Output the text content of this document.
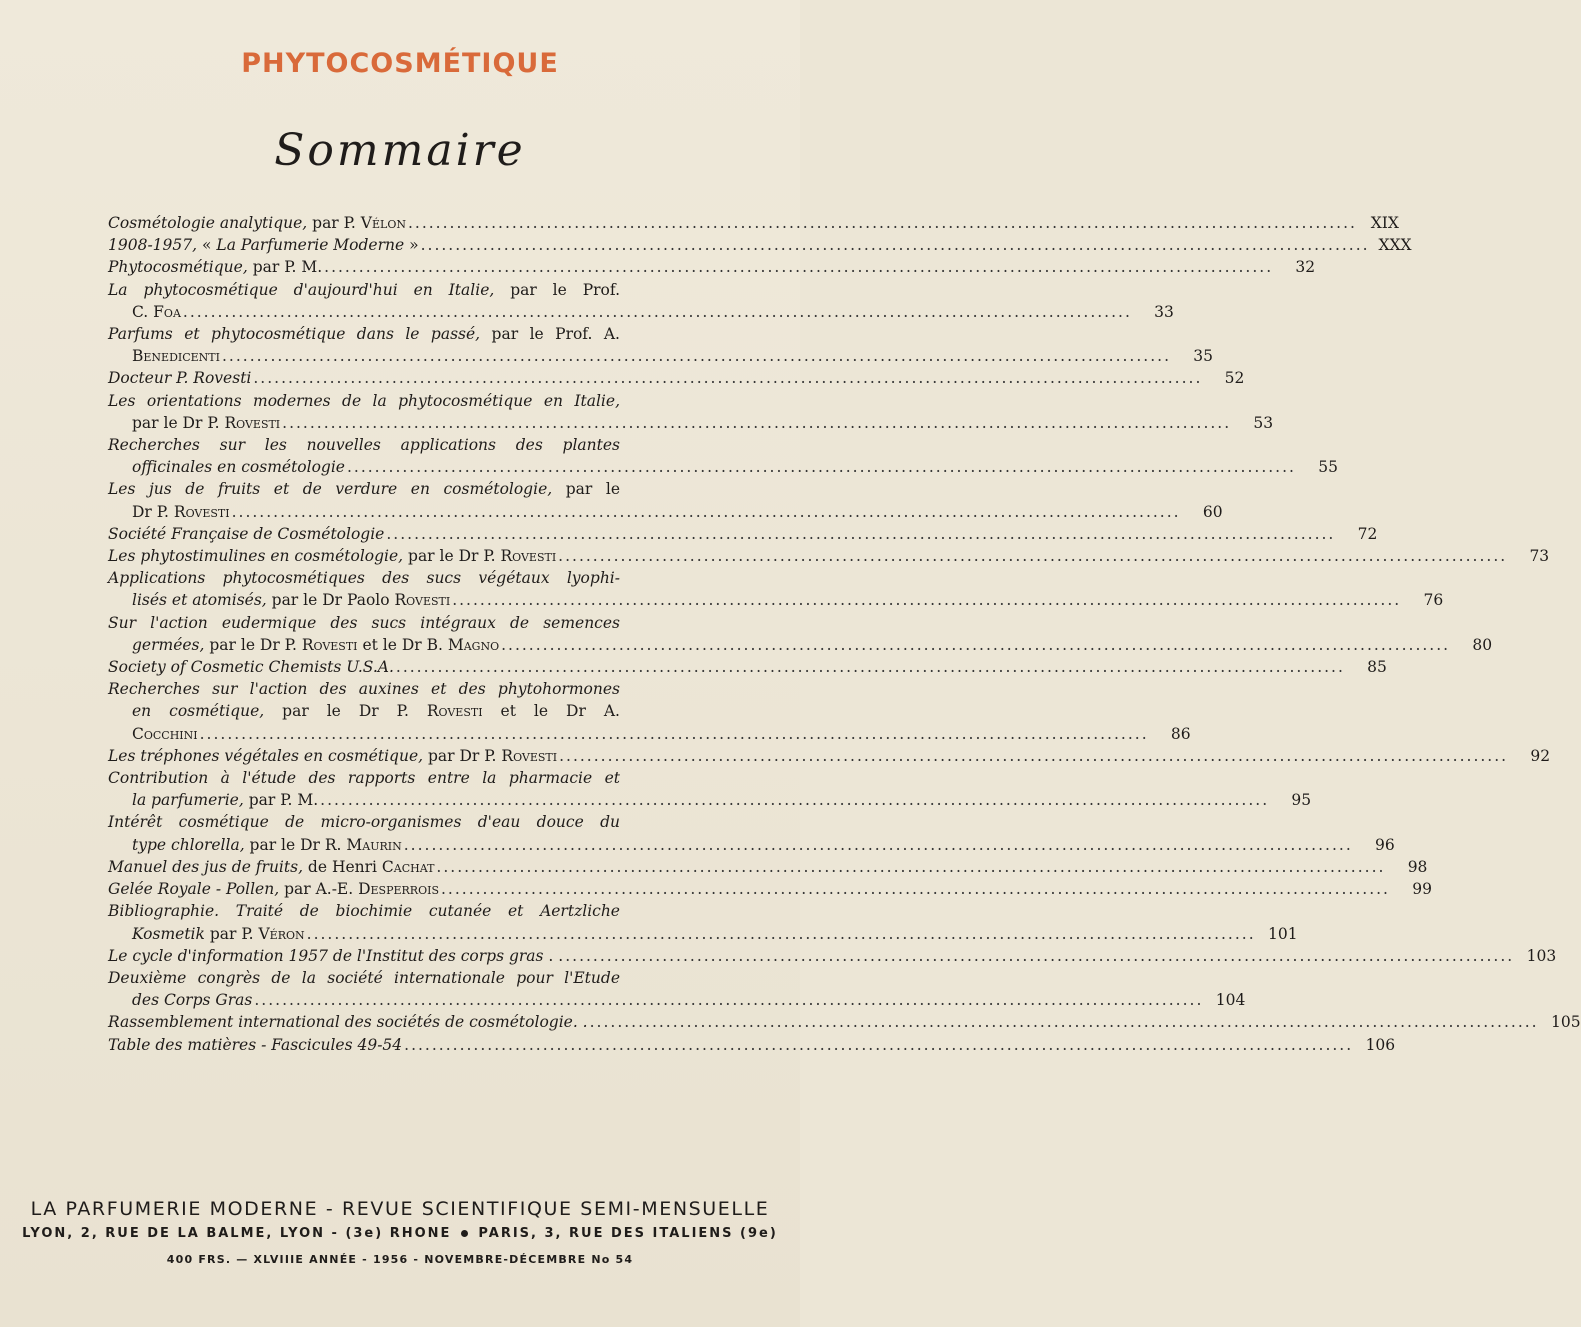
PHYTOCOSMÉTIQUE
Sommaire
Cosmétologie analytique, par P. Vélon .....	XIX
1908-1957, « La Parfumerie Moderne » .....	XXX
Phytocosmétique, par P. M. .....	32
La phytocosmétique d'aujourd'hui en Italie, par le Prof.
C. Foa .....	33
Parfums et phytocosmétique dans le passé, par le Prof. A.
Benedicenti .....	35
Docteur P. Rovesti .....	52
Les orientations modernes de la phytocosmétique en Italie,
par le Dr P. Rovesti .....	53
Recherches sur les nouvelles applications des plantes
officinales en cosmétologie .....	55
Les jus de fruits et de verdure en cosmétologie, par le
Dr P. Rovesti .....	60
Société Française de Cosmétologie .....	72
Les phytostimulines en cosmétologie, par le Dr P. Rovesti .....	73
Applications phytocosmétiques des sucs végétaux lyophi-
lisés et atomisés, par le Dr Paolo Rovesti .....	76
Sur l'action eudermique des sucs intégraux de semences
germées, par le Dr P. Rovesti et le Dr B. Magno .....	80
Society of Cosmetic Chemists U.S.A. .....	85
Recherches sur l'action des auxines et des phytohormones
en cosmétique, par le Dr P. Rovesti et le Dr A.
Cocchini .....	86
Les tréphones végétales en cosmétique, par Dr P. Rovesti .....	92
Contribution à l'étude des rapports entre la pharmacie et
la parfumerie, par P. M. .....	95
Intérêt cosmétique de micro-organismes d'eau douce du
type chlorella, par le Dr R. Maurin .....	96
Manuel des jus de fruits, de Henri Cachat .....	98
Gelée Royale - Pollen, par A.-E. Desperrois .....	99
Bibliographie. Traité de biochimie cutanée et Aertzliche
Kosmetik par P. Véron .....	101
Le cycle d'information 1957 de l'Institut des corps gras . . .....	103
Deuxième congrès de la société internationale pour l'Etude
des Corps Gras .....	104
Rassemblement international des sociétés de cosmétologie. . .....	105
Table des matières - Fascicules 49-54 .....	106
LA PARFUMERIE MODERNE - REVUE SCIENTIFIQUE SEMI-MENSUELLE
LYON, 2, RUE DE LA BALME, LYON - (3e) RHONE PARIS, 3, RUE DES ITALIENS (9e)
400 FRS. — XLVIIIE ANNÉE - 1956 - NOVEMBRE-DÉCEMBRE No 54
